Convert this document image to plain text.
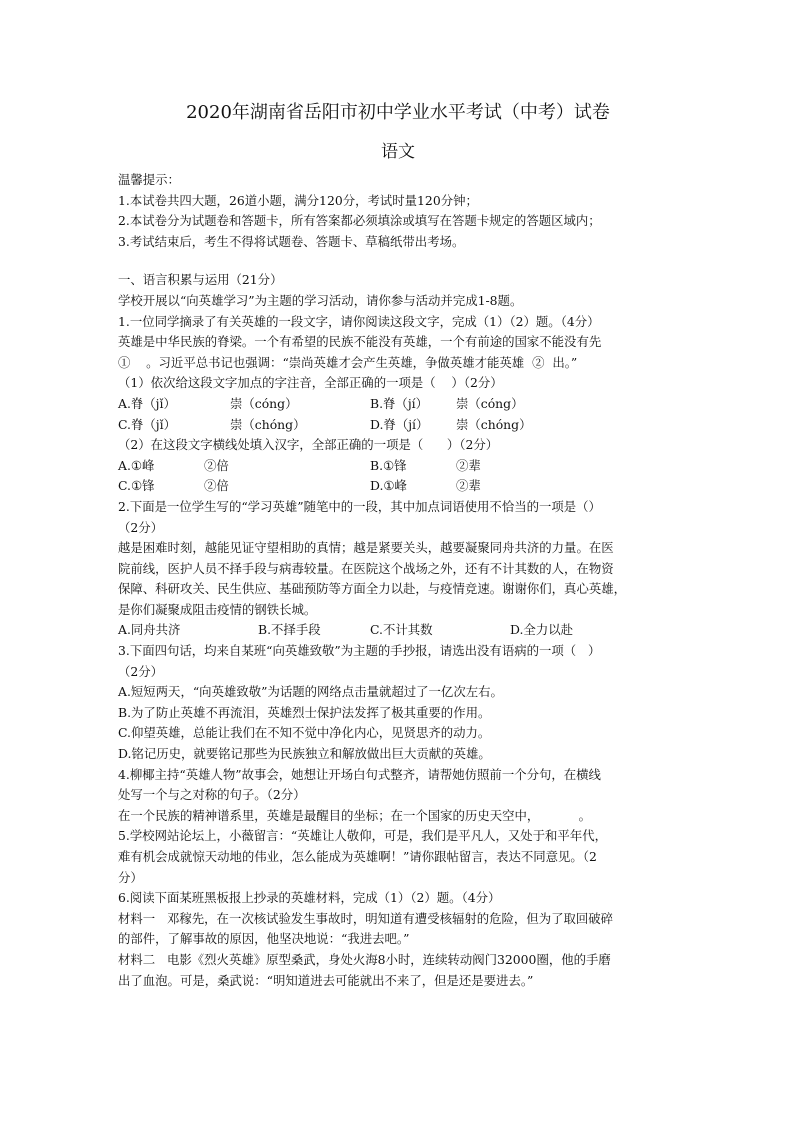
2020年湖南省岳阳市初中学业水平考试（中考）试卷
语文
温馨提示：
1.本试卷共四大题，26道小题，满分120分，考试时量120分钟；
2.本试卷分为试题卷和答题卡，所有答案都必须填涂或填写在答题卡规定的答题区域内；
3.考试结束后，考生不得将试题卷、答题卡、草稿纸带出考场。
一、语言积累与运用（21分）
学校开展以“向英雄学习”为主题的学习活动，请你参与活动并完成1-8题。
1.一位同学摘录了有关英雄的一段文字，请你阅读这段文字，完成（1）（2）题。（4分）
英雄是中华民族的脊梁。一个有希望的民族不能没有英雄，一个有前途的国家不能没有先
①    。习近平总书记也强调：“崇尚英雄才会产生英雄，争做英雄才能英雄  ②  出。”
（1）依次给这段文字加点的字注音，全部正确的一项是（    ）（2分）
A.脊（jǐ）	崇（cóng）	B.脊（jí） 崇（cóng）
C.脊（jǐ）	崇（chóng）	D.脊（jí） 崇（chóng）
（2）在这段文字横线处填入汉字，全部正确的一项是（      ）（2分）
A.①峰	②倍	B.①锋	②辈
C.①锋	②倍	D.①峰	②辈
2.下面是一位学生写的“学习英雄”随笔中的一段，其中加点词语使用不恰当的一项是（）
（2分）
越是困难时刻，越能见证守望相助的真情；越是紧要关头，越要凝聚同舟共济的力量。在医
院前线，医护人员不择手段与病毒较量。在医院这个战场之外，还有不计其数的人，在物资
保障、科研攻关、民生供应、基础预防等方面全力以赴，与疫情竞速。谢谢你们，真心英雄，
是你们凝聚成阻击疫情的钢铁长城。
A.同舟共济	B.不择手段	C.不计其数	D.全力以赴
3.下面四句话，均来自某班“向英雄致敬”为主题的手抄报，请选出没有语病的一项（   ）
（2分）
A.短短两天，“向英雄致敬”为话题的网络点击量就超过了一亿次左右。
B.为了防止英雄不再流泪，英雄烈士保护法发挥了极其重要的作用。
C.仰望英雄，总能让我们在不知不觉中净化内心，见贤思齐的动力。
D.铭记历史，就要铭记那些为民族独立和解放做出巨大贡献的英雄。
4.柳椰主持“英雄人物”故事会，她想让开场白句式整齐，请帮她仿照前一个分句，在横线
处写一个与之对称的句子。（2分）
在一个民族的精神谱系里，英雄是最醒目的坐标；在一个国家的历史天空中，          。
5.学校网站论坛上，小薇留言：“英雄让人敬仰，可是，我们是平凡人，又处于和平年代，
难有机会成就惊天动地的伟业，怎么能成为英雄啊！”请你跟帖留言，表达不同意见。（2
分）
6.阅读下面某班黑板报上抄录的英雄材料，完成（1）（2）题。（4分）
材料一   邓稼先，在一次核试验发生事故时，明知道有遭受核辐射的危险，但为了取回破碎
的部件，了解事故的原因，他坚决地说：“我进去吧。”
材料二   电影《烈火英雄》原型桑武，身处火海8小时，连续转动阀门32000圈，他的手磨
出了血泡。可是，桑武说：“明知道进去可能就出不来了，但是还是要进去。”
